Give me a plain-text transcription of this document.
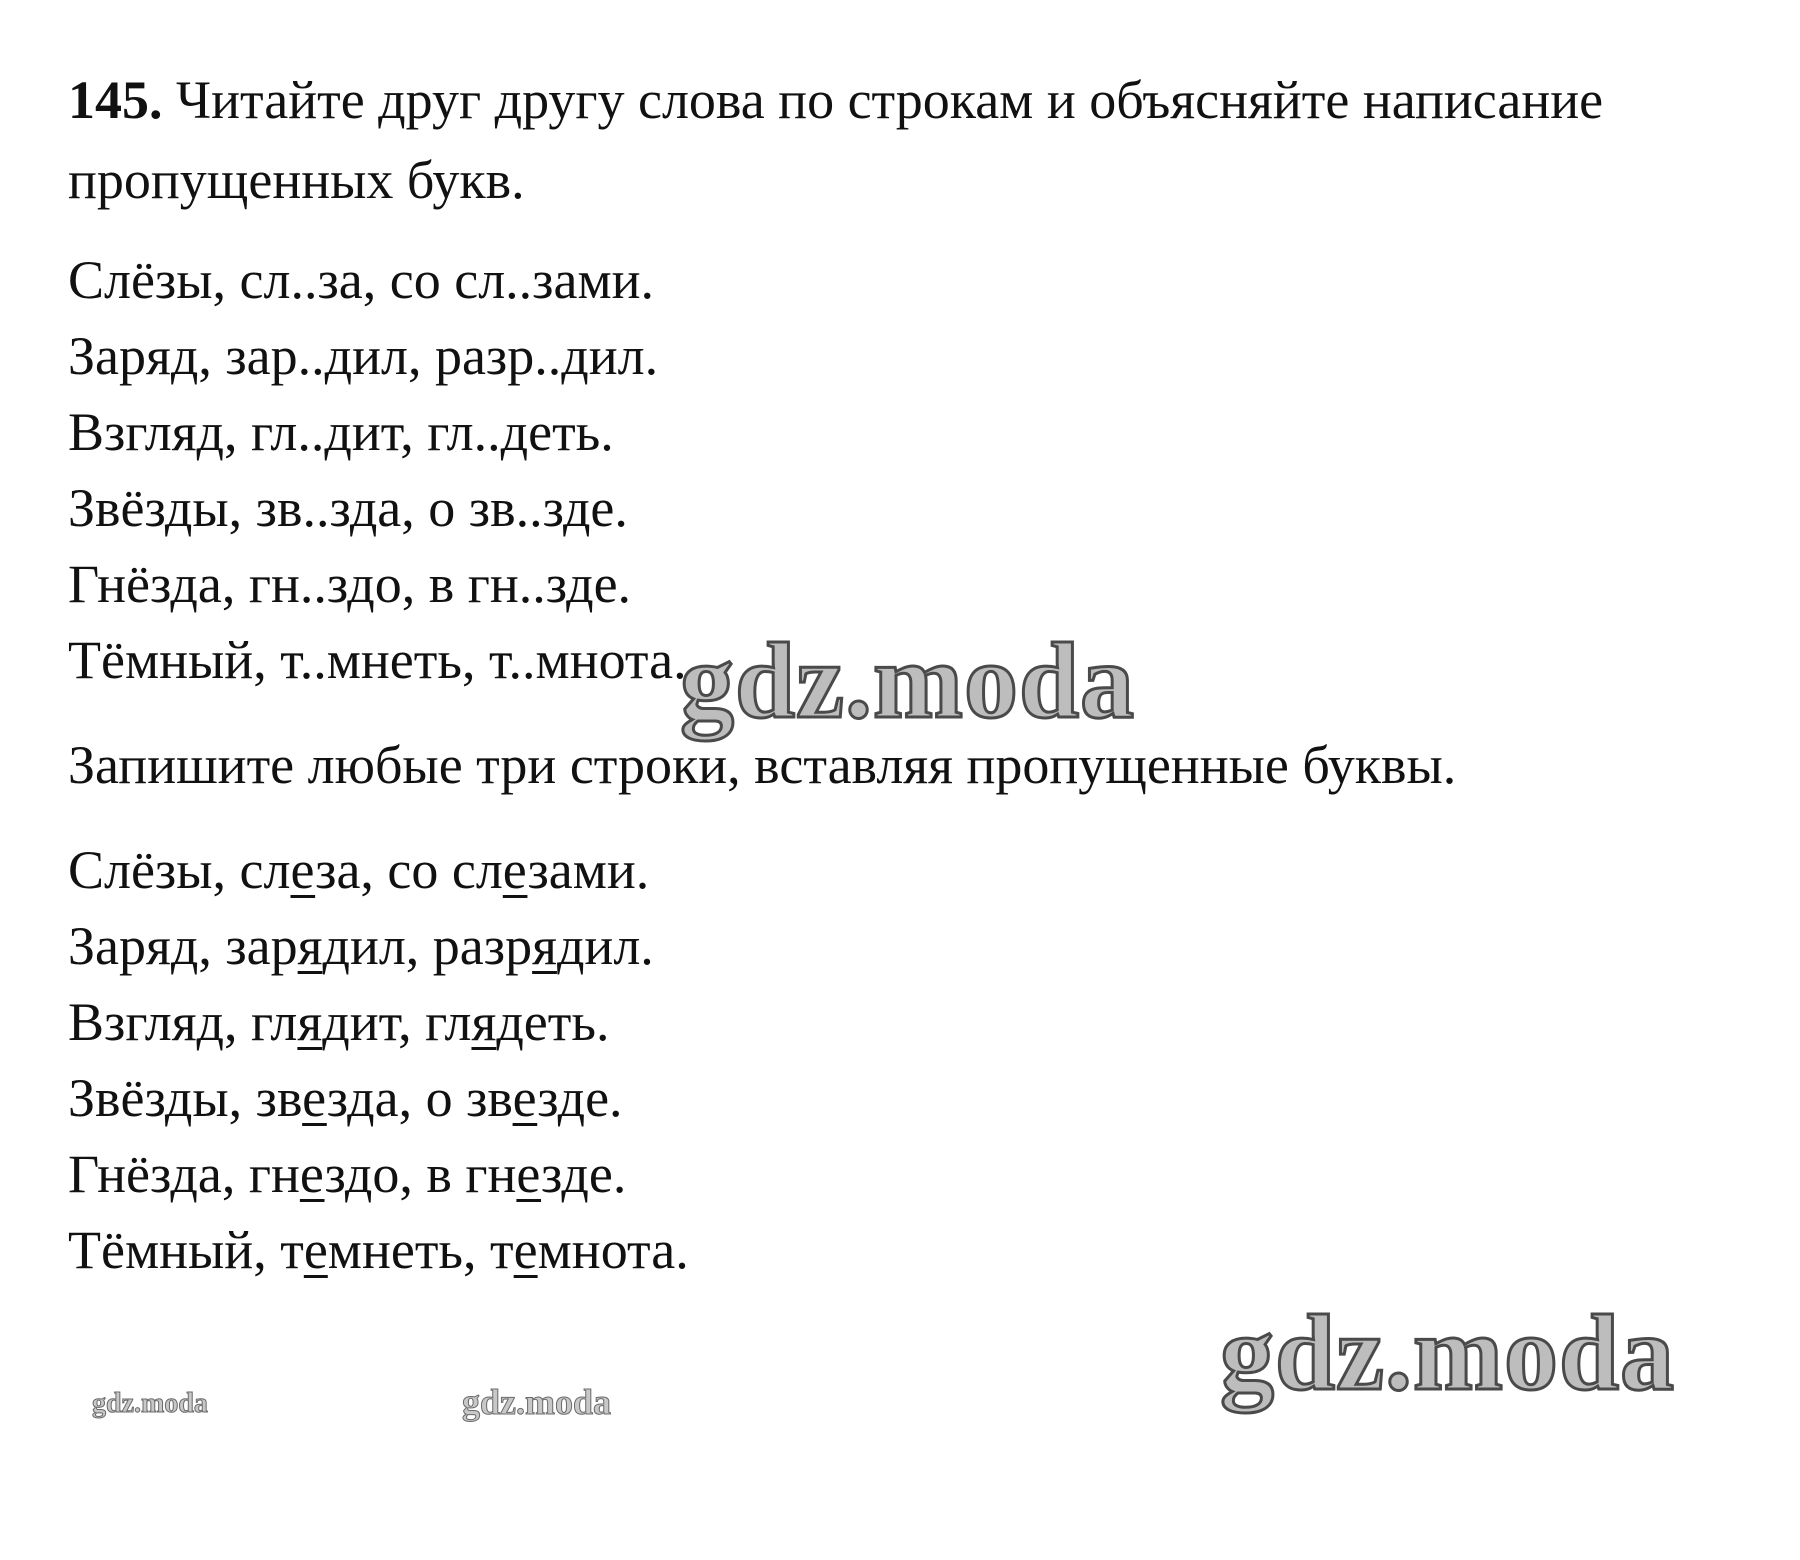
145. Читайте друг другу слова по строкам и объясняйте написание
пропущенных букв.
Слёзы, сл..за, со сл..зами.
Заряд, зар..дил, разр..дил.
Взгляд, гл..дит, гл..деть.
Звёзды, зв..зда, о зв..зде.
Гнёзда, гн..здо, в гн..зде.
Тёмный, т..мнеть, т..мнота.
Запишите любые три строки, вставляя пропущенные буквы.
Слёзы, слеза, со слезами.
Заряд, зарядил, разрядил.
Взгляд, глядит, глядеть.
Звёзды, звезда, о звезде.
Гнёзда, гнездо, в гнезде.
Тёмный, темнеть, темнота.
gdz.moda
gdz.moda
gdz.moda	gdz.moda
